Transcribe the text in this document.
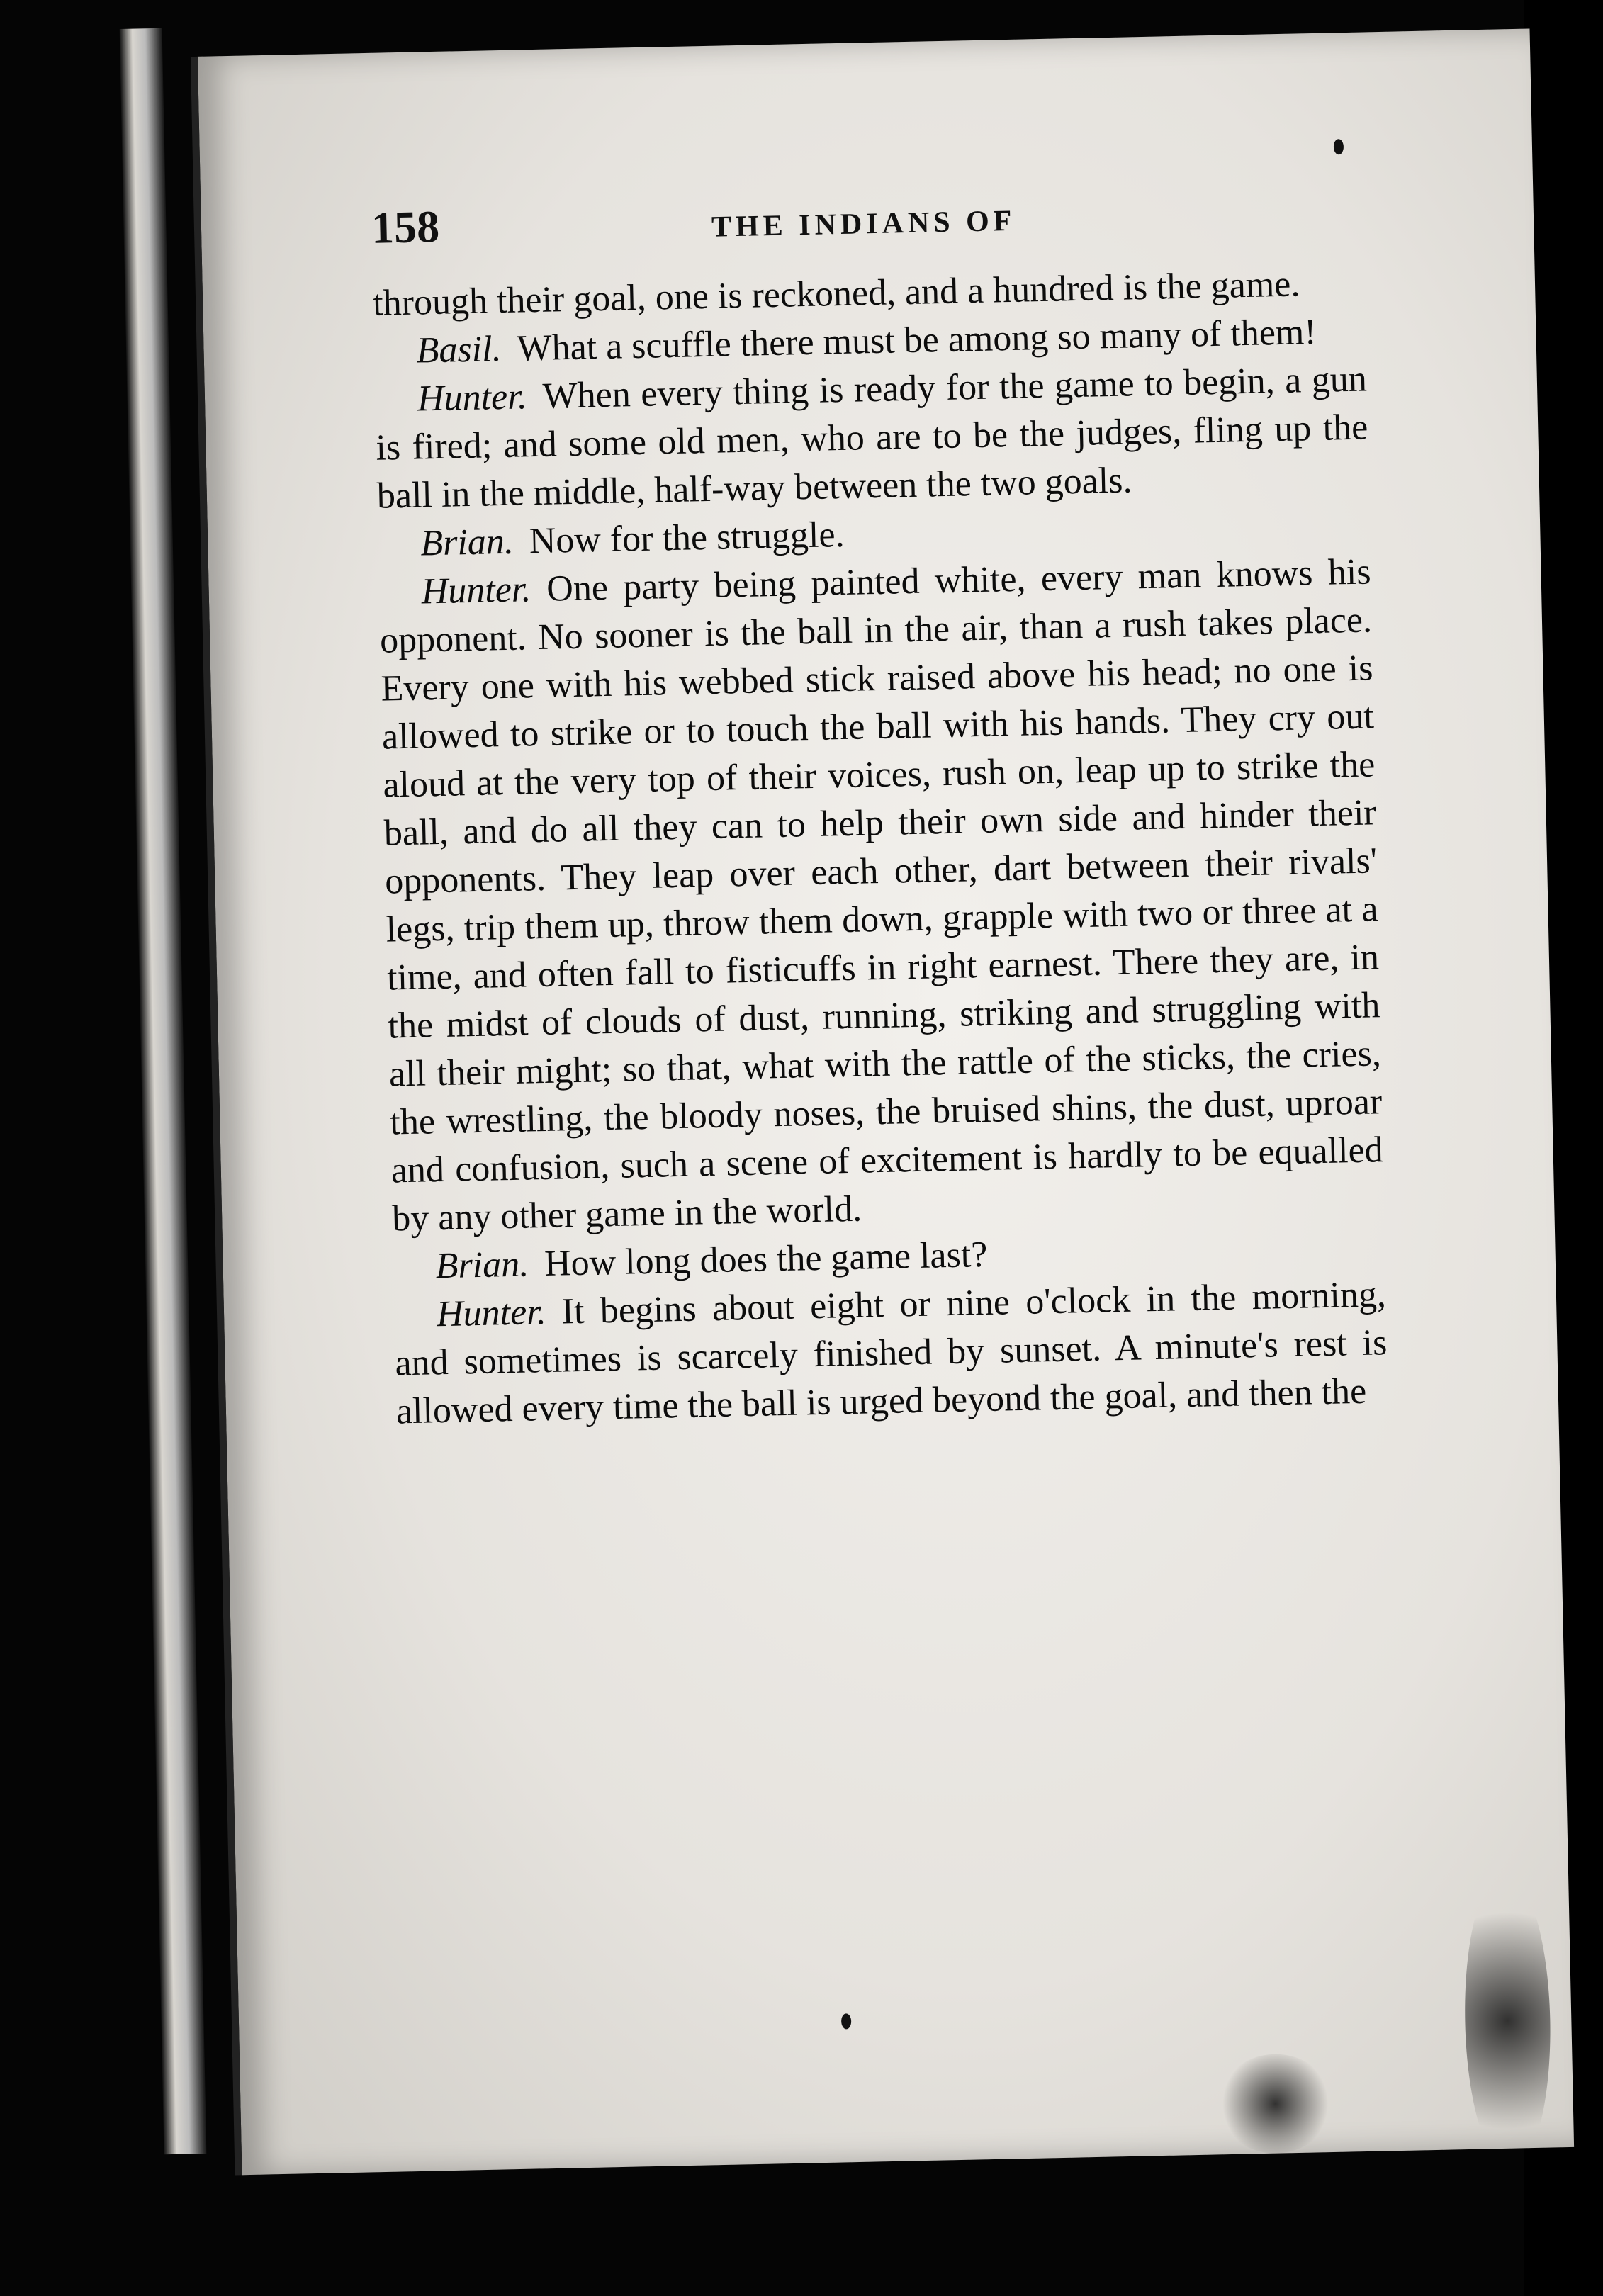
158	THE INDIANS OF

through their goal, one is reckoned, and a hundred is the game.

Basil. What a scuffle there must be among so many of them!

Hunter. When every thing is ready for the game to begin, a gun is fired; and some old men, who are to be the judges, fling up the ball in the middle, half-way between the two goals.

Brian. Now for the struggle.

Hunter. One party being painted white, every man knows his opponent. No sooner is the ball in the air, than a rush takes place. Every one with his webbed stick raised above his head; no one is allowed to strike or to touch the ball with his hands. They cry out aloud at the very top of their voices, rush on, leap up to strike the ball, and do all they can to help their own side and hinder their opponents. They leap over each other, dart between their rivals' legs, trip them up, throw them down, grapple with two or three at a time, and often fall to fisticuffs in right earnest. There they are, in the midst of clouds of dust, running, striking and struggling with all their might; so that, what with the rattle of the sticks, the cries, the wrestling, the bloody noses, the bruised shins, the dust, uproar and confusion, such a scene of excitement is hardly to be equalled by any other game in the world.

Brian. How long does the game last?

Hunter. It begins about eight or nine o'clock in the morning, and sometimes is scarcely finished by sunset. A minute's rest is allowed every time the ball is urged beyond the goal, and then the
